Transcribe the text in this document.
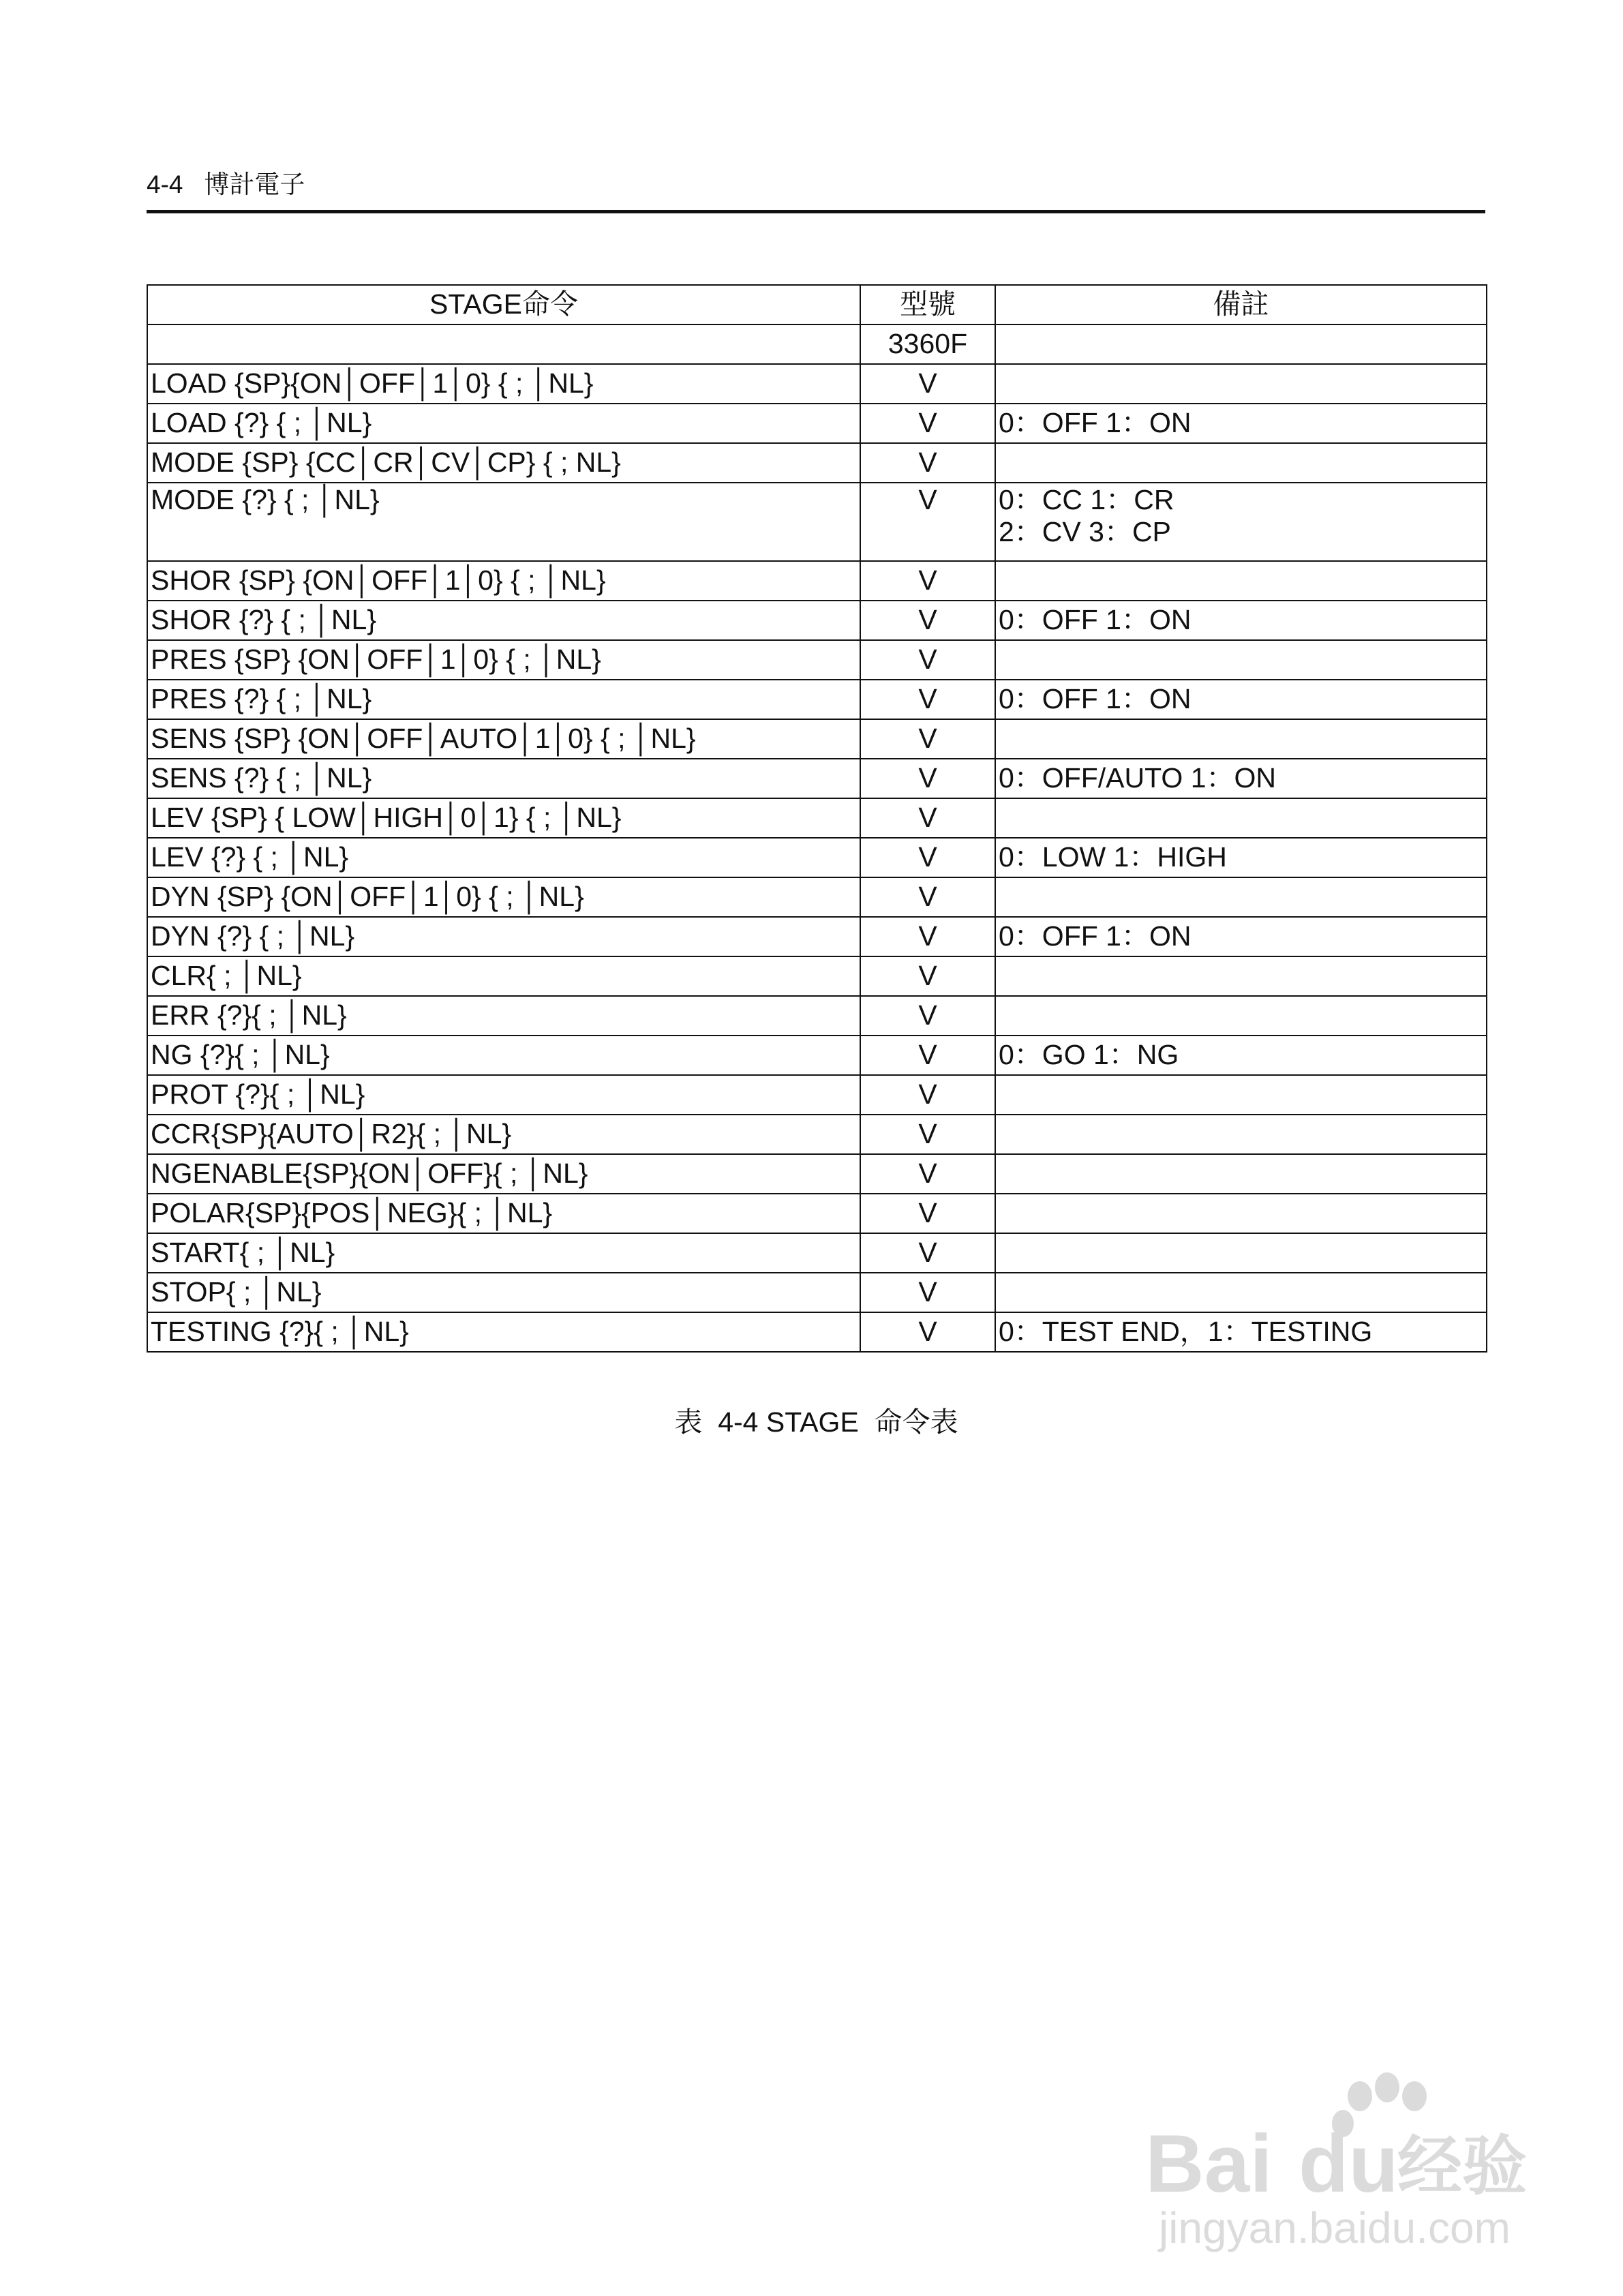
4-4   博計電子
STAGE命令	型號	備註
	3360F	
LOAD {SP}{ON│OFF│1│0} { ; │NL}	V	
LOAD {?} { ; │NL}	V	0：OFF 1：ON

MODE {SP} {CC│CR│CV│CP} { ; NL}	V	
MODE {?} { ; │NL}	V	0：CC 1：CR
2：CV 3：CP

SHOR {SP} {ON│OFF│1│0} { ; │NL}	V	
SHOR {?} { ; │NL}	V	0：OFF 1：ON

PRES {SP} {ON│OFF│1│0} { ; │NL}	V	
PRES {?} { ; │NL}	V	0：OFF 1：ON

SENS {SP} {ON│OFF│AUTO│1│0} { ; │NL}	V	
SENS {?} { ; │NL}	V	0：OFF/AUTO 1：ON

LEV {SP} { LOW│HIGH│0│1} { ; │NL}	V	
LEV {?} { ; │NL}	V	0：LOW 1：HIGH

DYN {SP} {ON│OFF│1│0} { ; │NL}	V	
DYN {?} { ; │NL}	V	0：OFF 1：ON

CLR{ ; │NL}	V	
ERR {?}{ ; │NL}	V	
NG {?}{ ; │NL}	V	0：GO 1：NG

PROT {?}{ ; │NL}	V	
CCR{SP}{AUTO│R2}{ ; │NL}	V	
NGENABLE{SP}{ON│OFF}{ ; │NL}	V	
POLAR{SP}{POS│NEG}{ ; │NL}	V	
START{ ; │NL}	V	
STOP{ ; │NL}	V	
TESTING {?}{ ; │NL}	V	0：TEST END，1：TESTING
表  4-4 STAGE  命令表
Bai du
经验
jingyan.baidu.com
